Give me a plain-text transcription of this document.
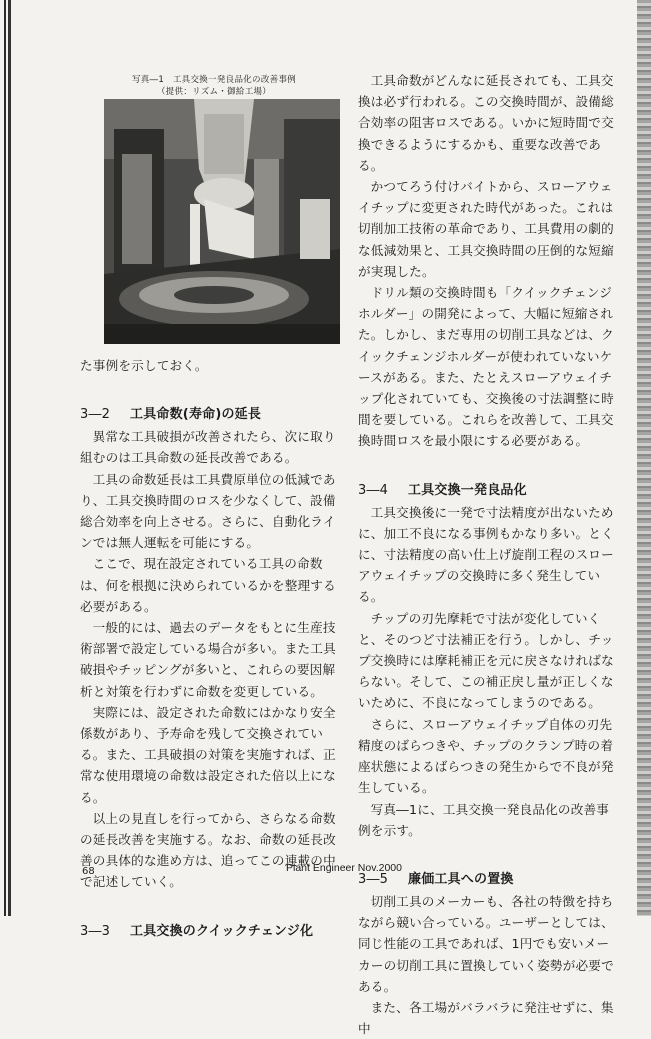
写真―1　工具交換一発良品化の改善事例
（提供：リズム・御給工場）

た事例を示しておく。

3―2 工具命数(寿命)の延長

異常な工具破損が改善されたら、次に取り組むのは工具命数の延長改善である。

工具の命数延長は工具費原単位の低減であり、工具交換時間のロスを少なくして、設備総合効率を向上させる。さらに、自動化ラインでは無人運転を可能にする。

ここで、現在設定されている工具の命数は、何を根拠に決められているかを整理する必要がある。

一般的には、過去のデータをもとに生産技術部署で設定している場合が多い。また工具破損やチッピングが多いと、これらの要因解析と対策を行わずに命数を変更している。

実際には、設定された命数にはかなり安全係数があり、予寿命を残して交換されている。また、工具破損の対策を実施すれば、正常な使用環境の命数は設定された倍以上になる。

以上の見直しを行ってから、さらなる命数の延長改善を実施する。なお、命数の延長改善の具体的な進め方は、追ってこの連載の中で記述していく。

3―3 工具交換のクイックチェンジ化

工具命数がどんなに延長されても、工具交換は必ず行われる。この交換時間が、設備総合効率の阻害ロスである。いかに短時間で交換できるようにするかも、重要な改善である。

かつてろう付けバイトから、スローアウェイチップに変更された時代があった。これは切削加工技術の革命であり、工具費用の劇的な低減効果と、工具交換時間の圧倒的な短縮が実現した。

ドリル類の交換時間も「クイックチェンジホルダー」の開発によって、大幅に短縮された。しかし、まだ専用の切削工具などは、クイックチェンジホルダーが使われていないケースがある。また、たとえスローアウェイチップ化されていても、交換後の寸法調整に時間を要している。これらを改善して、工具交換時間ロスを最小限にする必要がある。

3―4 工具交換一発良品化

工具交換後に一発で寸法精度が出ないために、加工不良になる事例もかなり多い。とくに、寸法精度の高い仕上げ旋削工程のスローアウェイチップの交換時に多く発生している。

チップの刃先摩耗で寸法が変化していくと、そのつど寸法補正を行う。しかし、チップ交換時には摩耗補正を元に戻さなければならない。そして、この補正戻し量が正しくないために、不良になってしまうのである。

さらに、スローアウェイチップ自体の刃先精度のばらつきや、チップのクランプ時の着座状態によるばらつきの発生からで不良が発生している。

写真―1に、工具交換一発良品化の改善事例を示す。

3―5 廉価工具への置換

切削工具のメーカーも、各社の特徴を持ちながら競い合っている。ユーザーとしては、同じ性能の工具であれば、1円でも安いメーカーの切削工具に置換していく姿勢が必要である。

また、各工場がバラバラに発注せずに、集中

68	Plant Engineer Nov.2000
